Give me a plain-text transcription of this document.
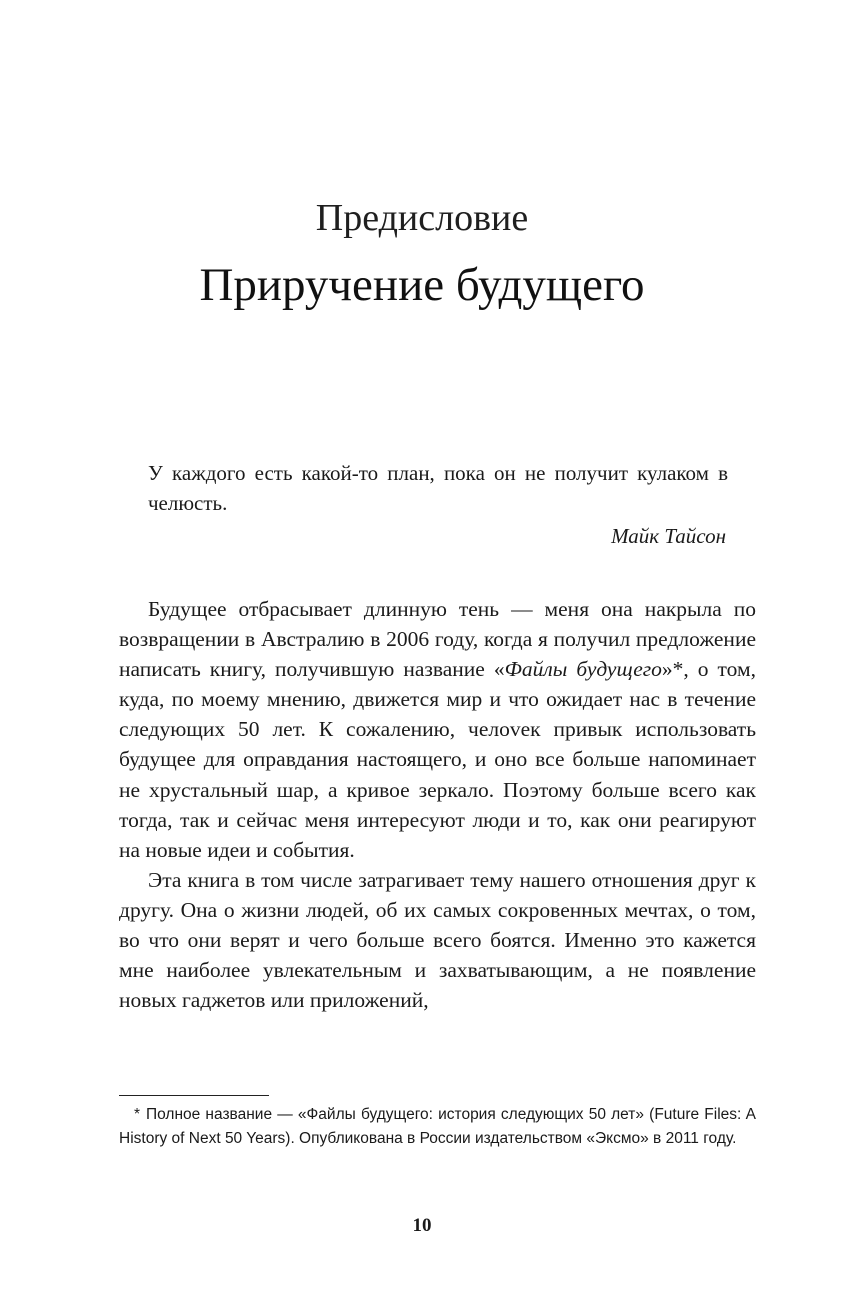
Предисловие
Приручение будущего
У каждого есть какой-то план, пока он не получит кулаком в челюсть.
Майк Тайсон

Будущее отбрасывает длинную тень — меня она накрыла по возвращении в Австралию в 2006 году, когда я получил предложение написать книгу, получившую название «Файлы будущего»*, о том, куда, по моему мнению, движется мир и что ожидает нас в течение следующих 50 лет. К сожалению, челоvек привык использовать будущее для оправдания настоящего, и оно все больше напоминает не хрустальный шар, а кривое зеркало. Поэтому больше всего как тогда, так и сейчас меня интересуют люди и то, как они реагируют на новые идеи и события.

Эта книга в том числе затрагивает тему нашего отношения друг к другу. Она о жизни людей, об их самых сокровенных мечтах, о том, во что они верят и чего больше всего боятся. Именно это кажется мне наиболее увлекательным и захватывающим, а не появление новых гаджетов или приложений,

* Полное название — «Файлы будущего: история следующих 50 лет» (Future Files: A History of Next 50 Years). Опубликована в России издательством «Эксмо» в 2011 году.
10
